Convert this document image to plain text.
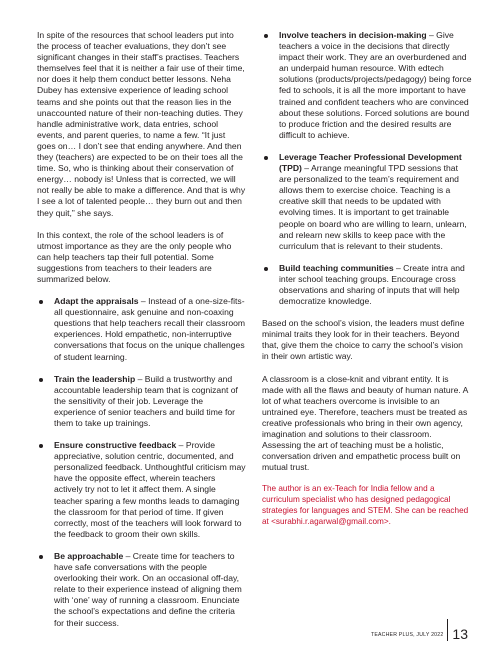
In spite of the resources that school leaders put into the process of teacher evaluations, they don’t see significant changes in their staff’s practises. Teachers themselves feel that it is neither a fair use of their time, nor does it help them conduct better lessons. Neha Dubey has extensive experience of leading school teams and she points out that the reason lies in the unaccounted nature of their non-teaching duties. They handle administrative work, data entries, school events, and parent queries, to name a few. “It just goes on… I don’t see that ending anywhere. And then they (teachers) are expected to be on their toes all the time. So, who is thinking about their conservation of energy… nobody is! Unless that is corrected, we will not really be able to make a difference. And that is why I see a lot of talented people… they burn out and then they quit,” she says.

In this context, the role of the school leaders is of utmost importance as they are the only people who can help teachers tap their full potential. Some suggestions from teachers to their leaders are summarized below.

Adapt the appraisals – Instead of a one-size-fits-all questionnaire, ask genuine and non-coaxing questions that help teachers recall their classroom experiences. Hold empathetic, non-interruptive conversations that focus on the unique challenges of student learning.
Train the leadership – Build a trustworthy and accountable leadership team that is cognizant of the sensitivity of their job. Leverage the experience of senior teachers and build time for them to take up trainings.
Ensure constructive feedback – Provide appreciative, solution centric, documented, and personalized feedback. Unthoughtful criticism may have the opposite effect, wherein teachers actively try not to let it affect them. A single teacher sparing a few months leads to damaging the classroom for that period of time. If given correctly, most of the teachers will look forward to the feedback to groom their own skills.
Be approachable – Create time for teachers to have safe conversations with the people overlooking their work. On an occasional off-day, relate to their experience instead of aligning them with ‘one’ way of running a classroom. Enunciate the school’s expectations and define the criteria for their success.
Involve teachers in decision-making – Give teachers a voice in the decisions that directly impact their work. They are an overburdened and an underpaid human resource. With edtech solutions (products/projects/pedagogy) being force fed to schools, it is all the more important to have trained and confident teachers who are convinced about these solutions. Forced solutions are bound to produce friction and the desired results are difficult to achieve.
Leverage Teacher Professional Development (TPD) – Arrange meaningful TPD sessions that are personalized to the team’s requirement and allows them to exercise choice. Teaching is a creative skill that needs to be updated with evolving times. It is important to get trainable people on board who are willing to learn, unlearn, and relearn new skills to keep pace with the curriculum that is relevant to their students.
Build teaching communities – Create intra and inter school teaching groups. Encourage cross observations and sharing of inputs that will help democratize knowledge.

Based on the school’s vision, the leaders must define minimal traits they look for in their teachers. Beyond that, give them the choice to carry the school’s vision in their own artistic way.

A classroom is a close-knit and vibrant entity. It is made with all the flaws and beauty of human nature. A lot of what teachers overcome is invisible to an untrained eye. Therefore, teachers must be treated as creative professionals who bring in their own agency, imagination and solutions to their classroom. Assessing the art of teaching must be a holistic, conversation driven and empathetic process built on mutual trust.

The author is an ex-Teach for India fellow and a curriculum specialist who has designed pedagogical strategies for languages and STEM. She can be reached at <surabhi.r.agarwal@gmail.com>.

TEACHER PLUS, JULY 2022 13
